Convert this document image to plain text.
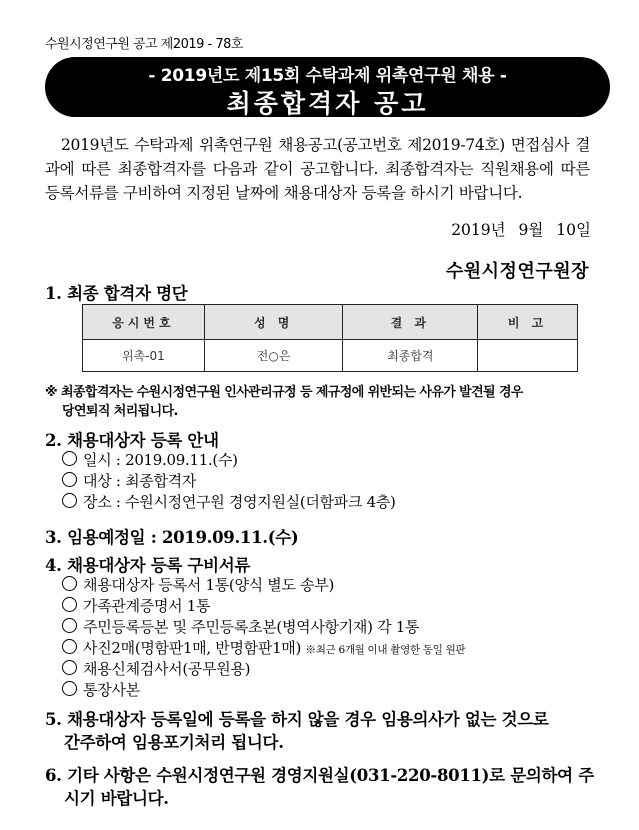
수원시정연구원 공고 제2019 - 78호
- 2019년도 제15회 수탁과제 위촉연구원 채용 -
최종합격자 공고
2019년도 수탁과제 위촉연구원 채용공고(공고번호 제2019-74호) 면접심사 결과에 따른 최종합격자를 다음과 같이 공고합니다. 최종합격자는 직원채용에 따른 등록서류를 구비하여 지정된 날짜에 채용대상자 등록을 하시기 바랍니다.
2019년 9월 10일
수원시정연구원장
1. 최종 합격자 명단
응시번호	성 명	결 과	비 고
위촉-01	전○은	최종합격	
※ 최종합격자는 수원시정연구원 인사관리규정 등 제규정에 위반되는 사유가 발견될 경우
당연퇴직 처리됩니다.
2. 채용대상자 등록 안내
일시 : 2019.09.11.(수)
대상 : 최종합격자
장소 : 수원시정연구원 경영지원실(더함파크 4층)
3. 임용예정일 : 2019.09.11.(수)
4. 채용대상자 등록 구비서류
채용대상자 등록서 1통(양식 별도 송부)
가족관계증명서 1통
주민등록등본 및 주민등록초본(병역사항기재) 각 1통
사진2매(명함판1매, 반명함판1매) ※최근 6개월 이내 촬영한 동일 원판
채용신체검사서(공무원용)
통장사본
5. 채용대상자 등록일에 등록을 하지 않을 경우 임용의사가 없는 것으로
간주하여 임용포기처리 됩니다.
6. 기타 사항은 수원시정연구원 경영지원실(031-220-8011)로 문의하여 주
시기 바랍니다.
